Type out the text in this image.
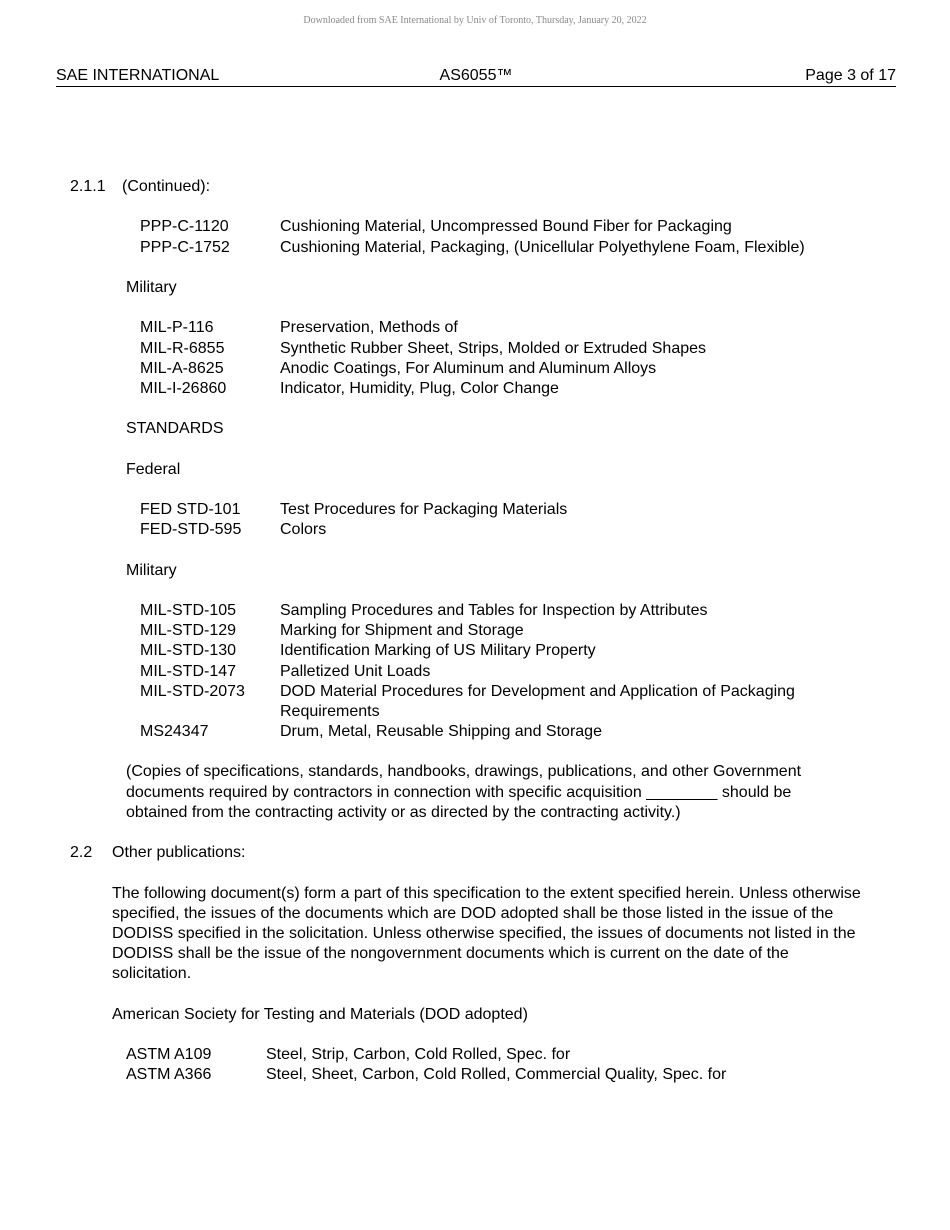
Downloaded from SAE International by Univ of Toronto, Thursday, January 20, 2022
SAE INTERNATIONAL	AS6055™	Page 3 of 17
2.1.1 (Continued):
PPP-C-1120	Cushioning Material, Uncompressed Bound Fiber for Packaging
PPP-C-1752	Cushioning Material, Packaging, (Unicellular Polyethylene Foam, Flexible)
Military
MIL-P-116	Preservation, Methods of
MIL-R-6855	Synthetic Rubber Sheet, Strips, Molded or Extruded Shapes
MIL-A-8625	Anodic Coatings, For Aluminum and Aluminum Alloys
MIL-I-26860	Indicator, Humidity, Plug, Color Change
STANDARDS
Federal
FED STD-101 Test Procedures for Packaging Materials
FED-STD-595 Colors
Military
MIL-STD-105	Sampling Procedures and Tables for Inspection by Attributes
MIL-STD-129	Marking for Shipment and Storage
MIL-STD-130	Identification Marking of US Military Property
MIL-STD-147	Palletized Unit Loads
MIL-STD-2073 DOD Material Procedures for Development and Application of Packaging Requirements
MS24347	Drum, Metal, Reusable Shipping and Storage
(Copies of specifications, standards, handbooks, drawings, publications, and other Government documents required by contractors in connection with specific acquisition ________ should be obtained from the contracting activity or as directed by the contracting activity.)
2.2 Other publications:
The following document(s) form a part of this specification to the extent specified herein. Unless otherwise specified, the issues of the documents which are DOD adopted shall be those listed in the issue of the DODISS specified in the solicitation. Unless otherwise specified, the issues of documents not listed in the DODISS shall be the issue of the nongovernment documents which is current on the date of the solicitation.
American Society for Testing and Materials (DOD adopted)
ASTM A109	Steel, Strip, Carbon, Cold Rolled, Spec. for
ASTM A366	Steel, Sheet, Carbon, Cold Rolled, Commercial Quality, Spec. for
